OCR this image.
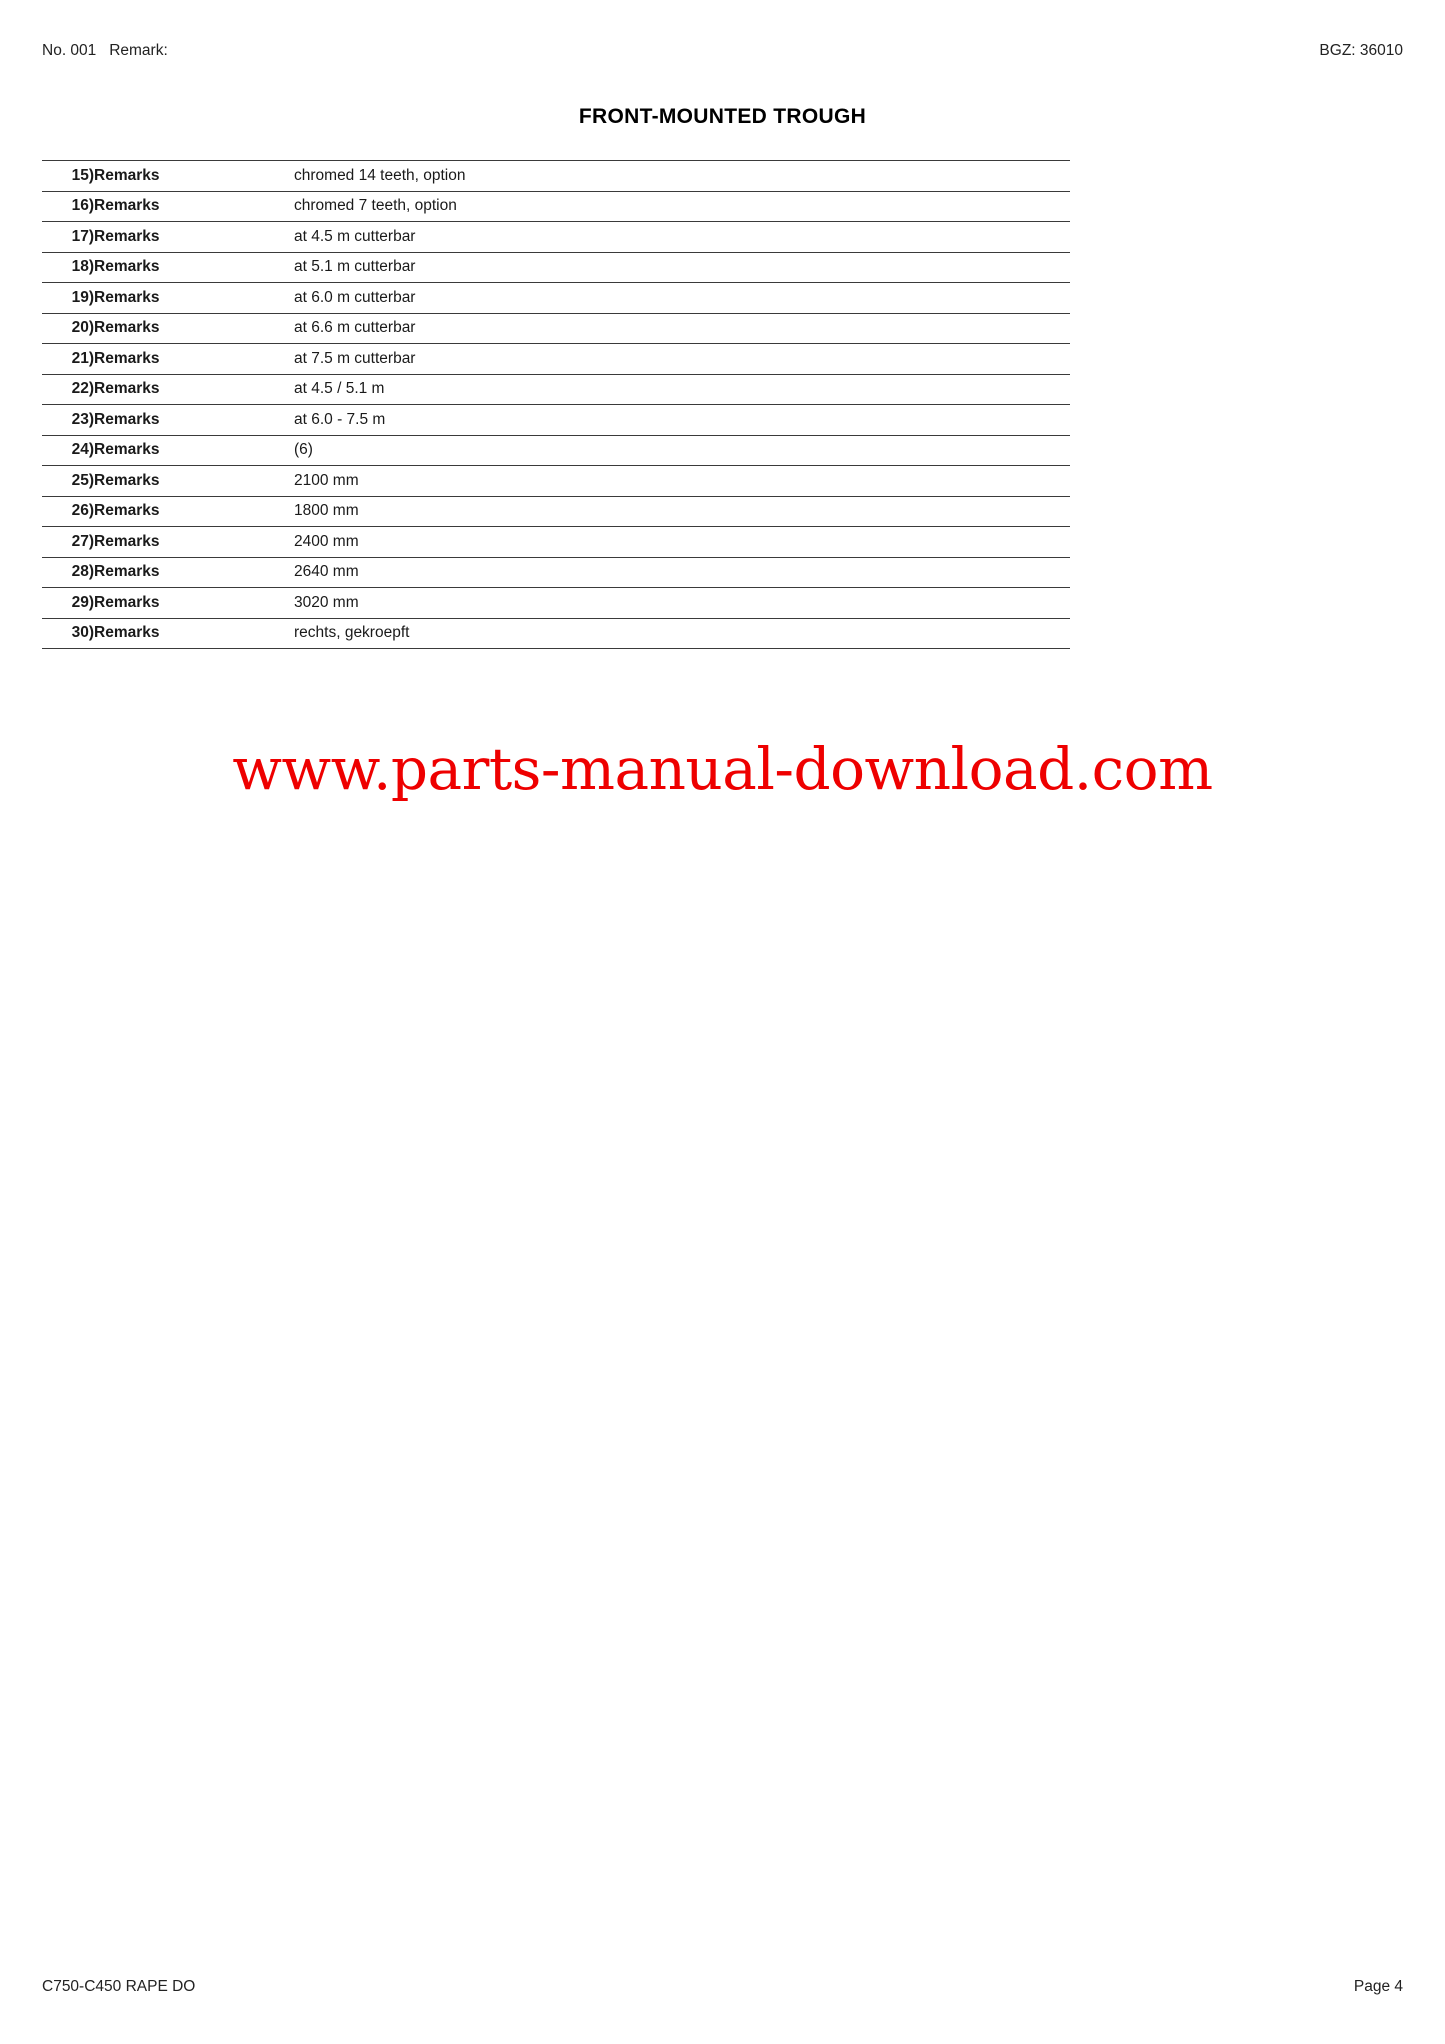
No. 001   Remark:	BGZ: 36010
FRONT-MOUNTED TROUGH
15)	Remarks	chromed 14 teeth, option
16)	Remarks	chromed 7 teeth, option
17)	Remarks	at 4.5 m cutterbar
18)	Remarks	at 5.1 m cutterbar
19)	Remarks	at 6.0 m cutterbar
20)	Remarks	at 6.6 m cutterbar
21)	Remarks	at 7.5 m cutterbar
22)	Remarks	at 4.5 / 5.1 m
23)	Remarks	at 6.0 - 7.5 m
24)	Remarks	(6)
25)	Remarks	2100 mm
26)	Remarks	1800 mm
27)	Remarks	2400 mm
28)	Remarks	2640 mm
29)	Remarks	3020 mm
30)	Remarks	rechts, gekroepft
www.parts-manual-download.com
C750-C450 RAPE DO	Page 4
